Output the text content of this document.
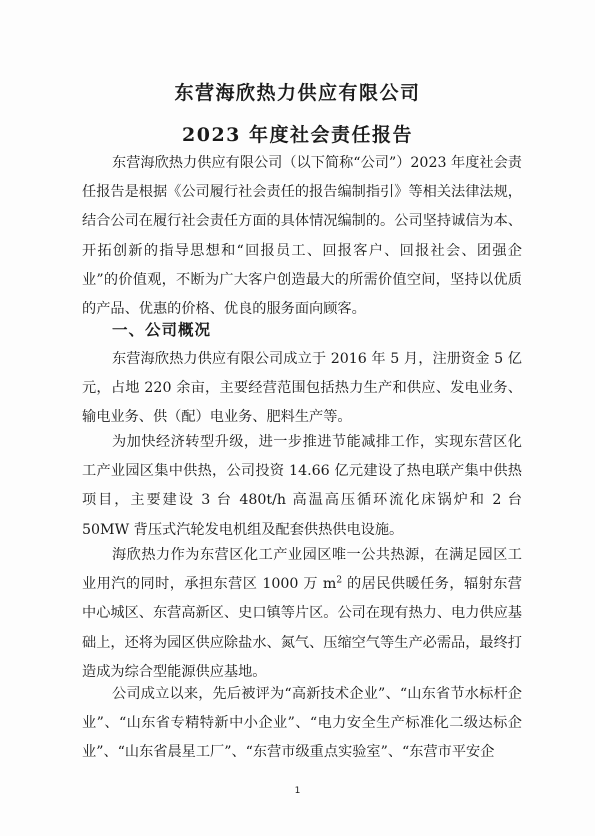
东营海欣热力供应有限公司
2023 年度社会责任报告

东营海欣热力供应有限公司（以下简称“公司”）2023 年度社会责任报告是根据《公司履行社会责任的报告编制指引》等相关法律法规，结合公司在履行社会责任方面的具体情况编制的。公司坚持诚信为本、开拓创新的指导思想和“回报员工、回报客户、回报社会、团强企业”的价值观，不断为广大客户创造最大的所需价值空间，坚持以优质的产品、优惠的价格、优良的服务面向顾客。

一、公司概况

东营海欣热力供应有限公司成立于 2016 年 5 月，注册资金 5 亿元，占地 220 余亩，主要经营范围包括热力生产和供应、发电业务、输电业务、供（配）电业务、肥料生产等。

为加快经济转型升级，进一步推进节能减排工作，实现东营区化工产业园区集中供热，公司投资 14.66 亿元建设了热电联产集中供热项目，主要建设 3 台 480t/h 高温高压循环流化床锅炉和 2 台 50MW 背压式汽轮发电机组及配套供热供电设施。

海欣热力作为东营区化工产业园区唯一公共热源，在满足园区工业用汽的同时，承担东营区 1000 万 $m^2$ 的居民供暖任务，辐射东营中心城区、东营高新区、史口镇等片区。公司在现有热力、电力供应基础上，还将为园区供应除盐水、氮气、压缩空气等生产必需品，最终打造成为综合型能源供应基地。

公司成立以来，先后被评为“高新技术企业”、“山东省节水标杆企业”、“山东省专精特新中小企业”、“电力安全生产标准化二级达标企业”、“山东省晨星工厂”、“东营市级重点实验室”、“东营市平安企

1
